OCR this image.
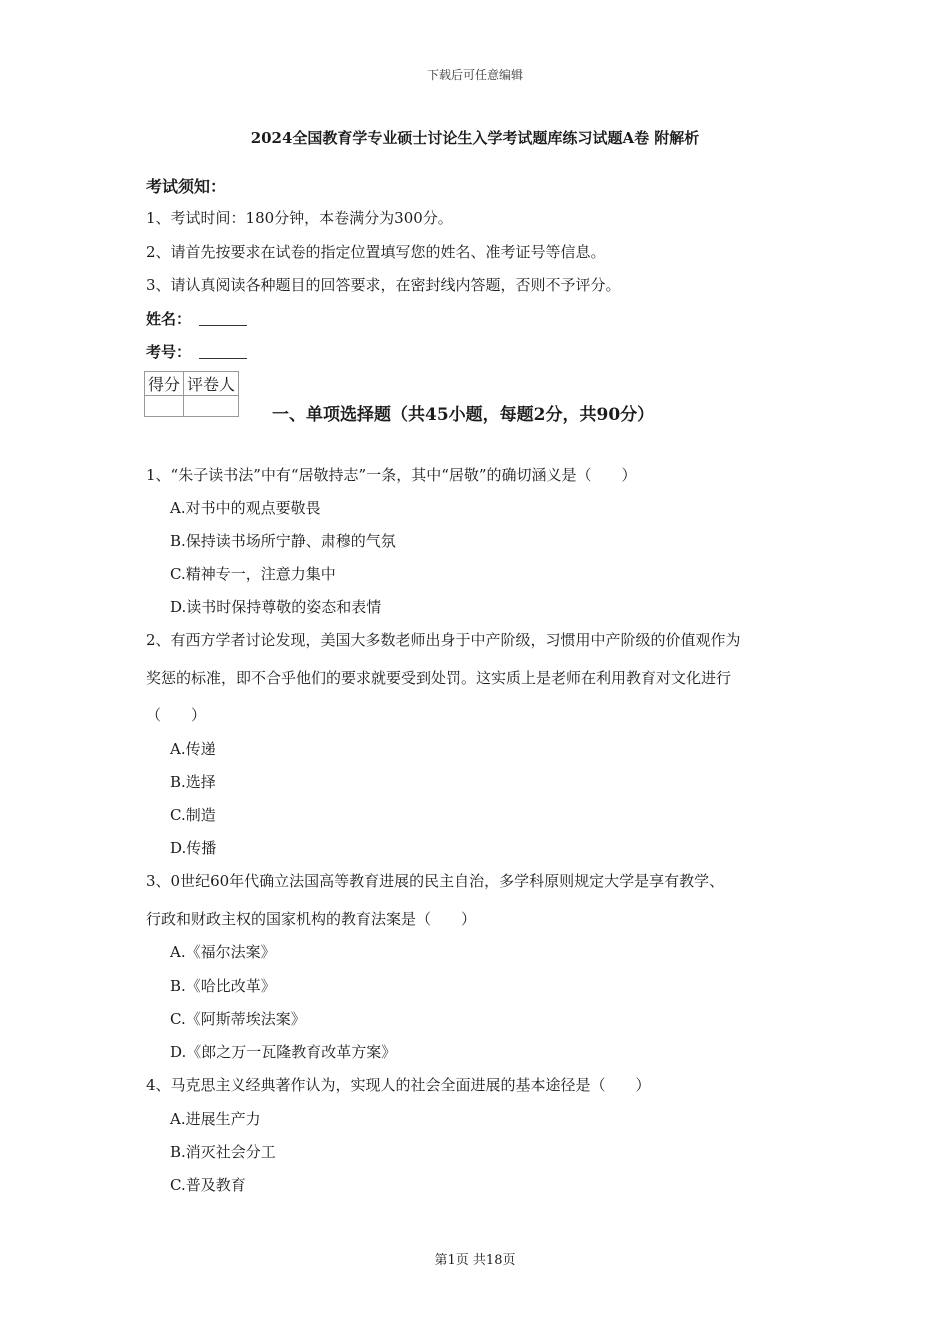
下载后可任意编辑
2024全国教育学专业硕士讨论生入学考试题库练习试题A卷 附解析
考试须知：
1、考试时间：180分钟，本卷满分为300分。
2、请首先按要求在试卷的指定位置填写您的姓名、准考证号等信息。
3、请认真阅读各种题目的回答要求，在密封线内答题，否则不予评分。
姓名：
考号：
得分	评卷人

一、单项选择题（共45小题，每题2分，共90分）
1、“朱子读书法”中有“居敬持志”一条，其中“居敬”的确切涵义是（　　）
A.对书中的观点要敬畏
B.保持读书场所宁静、肃穆的气氛
C.精神专一，注意力集中
D.读书时保持尊敬的姿态和表情
2、有西方学者讨论发现，美国大多数老师出身于中产阶级，习惯用中产阶级的价值观作为
奖惩的标准，即不合乎他们的要求就要受到处罚。这实质上是老师在利用教育对文化进行
（　　）
A.传递
B.选择
C.制造
D.传播
3、0世纪60年代确立法国高等教育进展的民主自治，多学科原则规定大学是享有教学、
行政和财政主权的国家机构的教育法案是（　　）
A.《福尔法案》
B.《哈比改革》
C.《阿斯蒂埃法案》
D.《郎之万一瓦隆教育改革方案》
4、马克思主义经典著作认为，实现人的社会全面进展的基本途径是（　　）
A.进展生产力
B.消灭社会分工
C.普及教育
第1页 共18页
